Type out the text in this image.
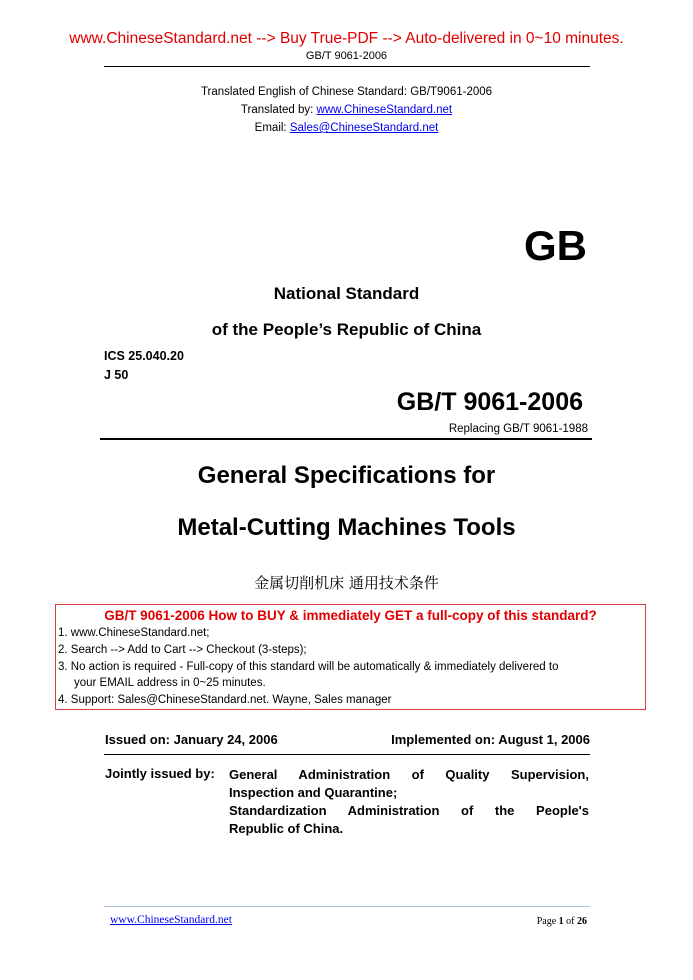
www.ChineseStandard.net --> Buy True-PDF --> Auto-delivered in 0~10 minutes.
GB/T 9061-2006
Translated English of Chinese Standard: GB/T9061-2006
Translated by: www.ChineseStandard.net
Email: Sales@ChineseStandard.net
GB
National Standard
of the People’s Republic of China
ICS 25.040.20
J 50
GB/T 9061-2006
Replacing GB/T 9061-1988
General Specifications for
Metal-Cutting Machines Tools
金属切削机床 通用技术条件
GB/T 9061-2006 How to BUY & immediately GET a full-copy of this standard?
1. www.ChineseStandard.net;
2. Search --> Add to Cart --> Checkout (3-steps);
3. No action is required - Full-copy of this standard will be automatically & immediately delivered to
your EMAIL address in 0~25 minutes.
4. Support: Sales@ChineseStandard.net. Wayne, Sales manager
Issued on: January 24, 2006	Implemented on: August 1, 2006
Jointly issued by: General Administration of Quality Supervision,
Inspection and Quarantine;
Standardization Administration of the People's
Republic of China.
www.ChineseStandard.net	Page 1 of 26
